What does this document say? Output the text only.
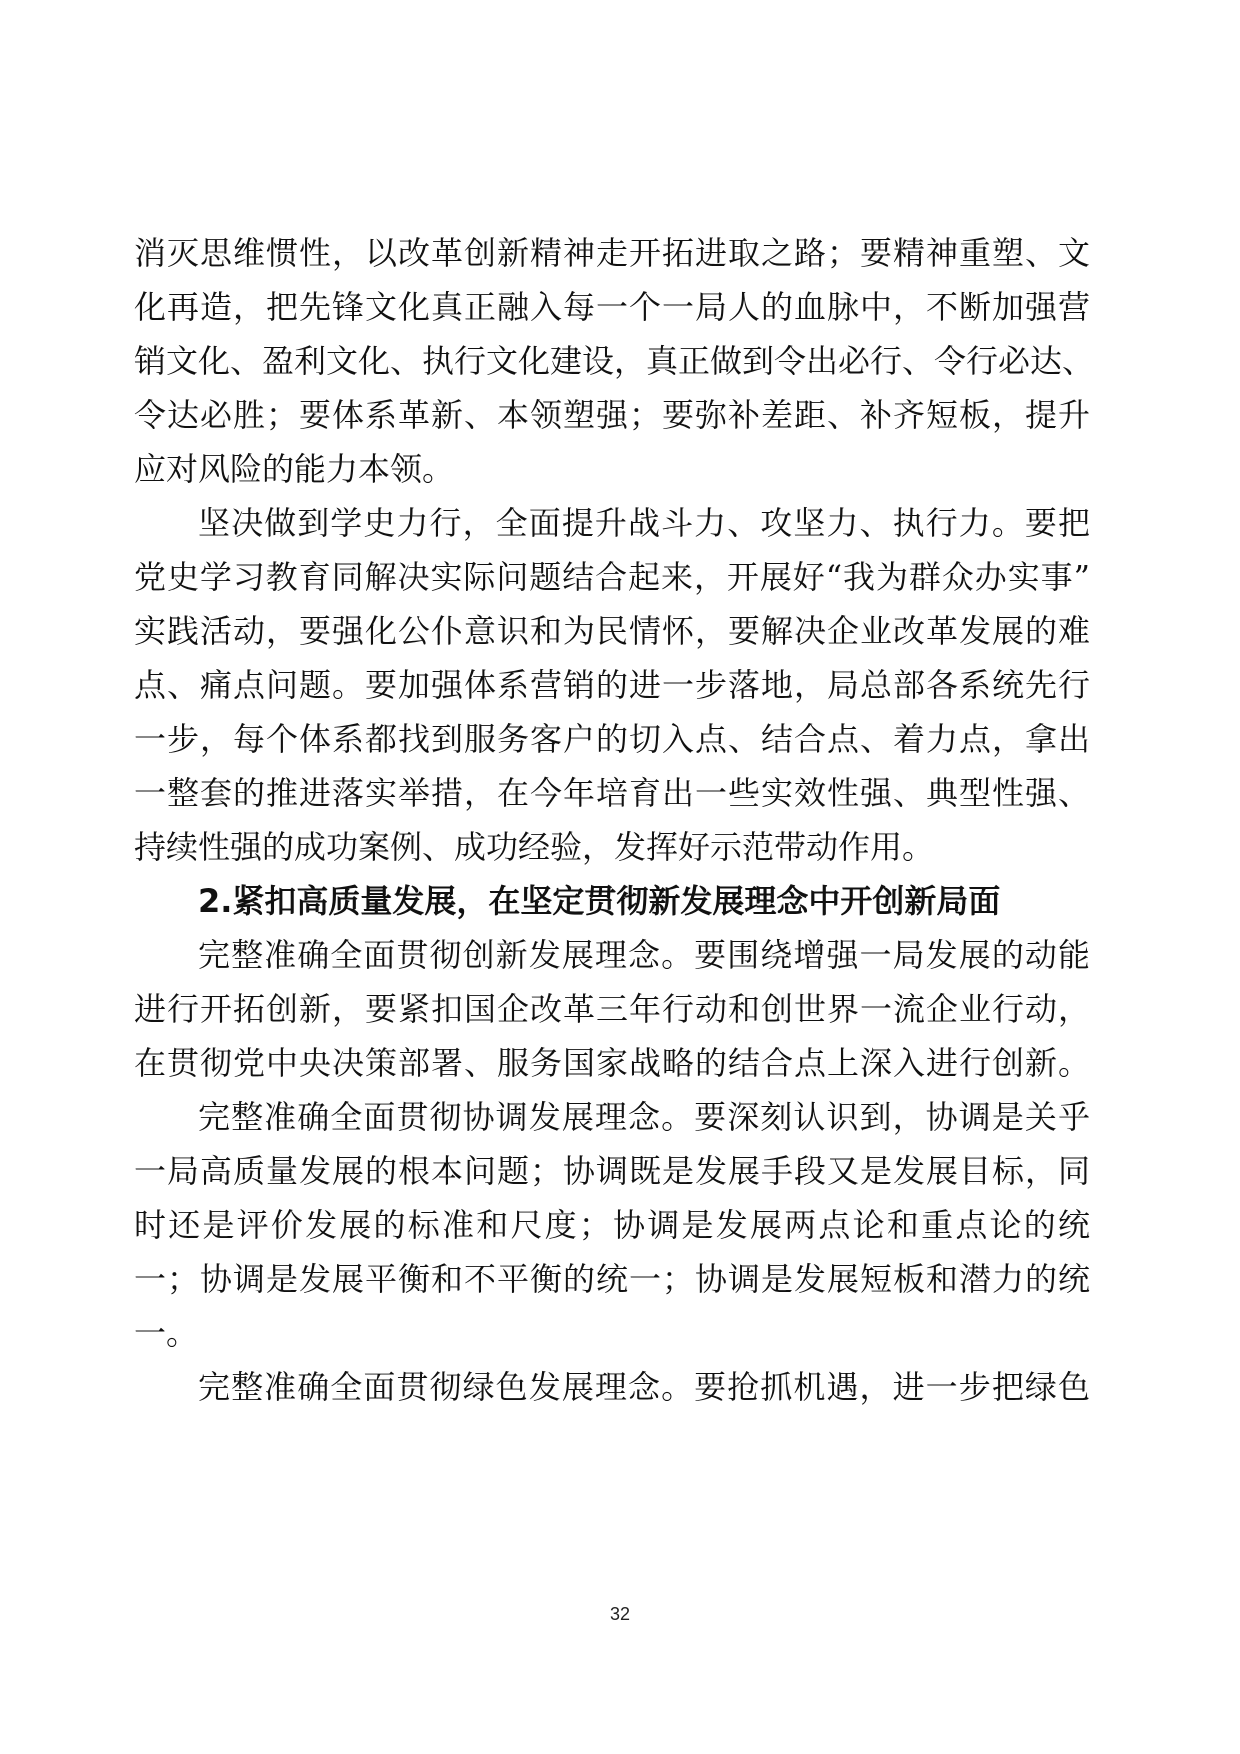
消灭思维惯性，以改革创新精神走开拓进取之路；要精神重塑、文
化再造，把先锋文化真正融入每一个一局人的血脉中，不断加强营
销文化、盈利文化、执行文化建设，真正做到令出必行、令行必达、
令达必胜；要体系革新、本领塑强；要弥补差距、补齐短板，提升
应对风险的能力本领。
坚决做到学史力行，全面提升战斗力、攻坚力、执行力。要把
党史学习教育同解决实际问题结合起来，开展好“我为群众办实事”
实践活动，要强化公仆意识和为民情怀，要解决企业改革发展的难
点、痛点问题。要加强体系营销的进一步落地，局总部各系统先行
一步，每个体系都找到服务客户的切入点、结合点、着力点，拿出
一整套的推进落实举措，在今年培育出一些实效性强、典型性强、
持续性强的成功案例、成功经验，发挥好示范带动作用。
2.紧扣高质量发展，在坚定贯彻新发展理念中开创新局面
完整准确全面贯彻创新发展理念。要围绕增强一局发展的动能
进行开拓创新，要紧扣国企改革三年行动和创世界一流企业行动，
在贯彻党中央决策部署、服务国家战略的结合点上深入进行创新。
完整准确全面贯彻协调发展理念。要深刻认识到，协调是关乎
一局高质量发展的根本问题；协调既是发展手段又是发展目标，同
时还是评价发展的标准和尺度；协调是发展两点论和重点论的统
一；协调是发展平衡和不平衡的统一；协调是发展短板和潜力的统
一。
完整准确全面贯彻绿色发展理念。要抢抓机遇，进一步把绿色
32
